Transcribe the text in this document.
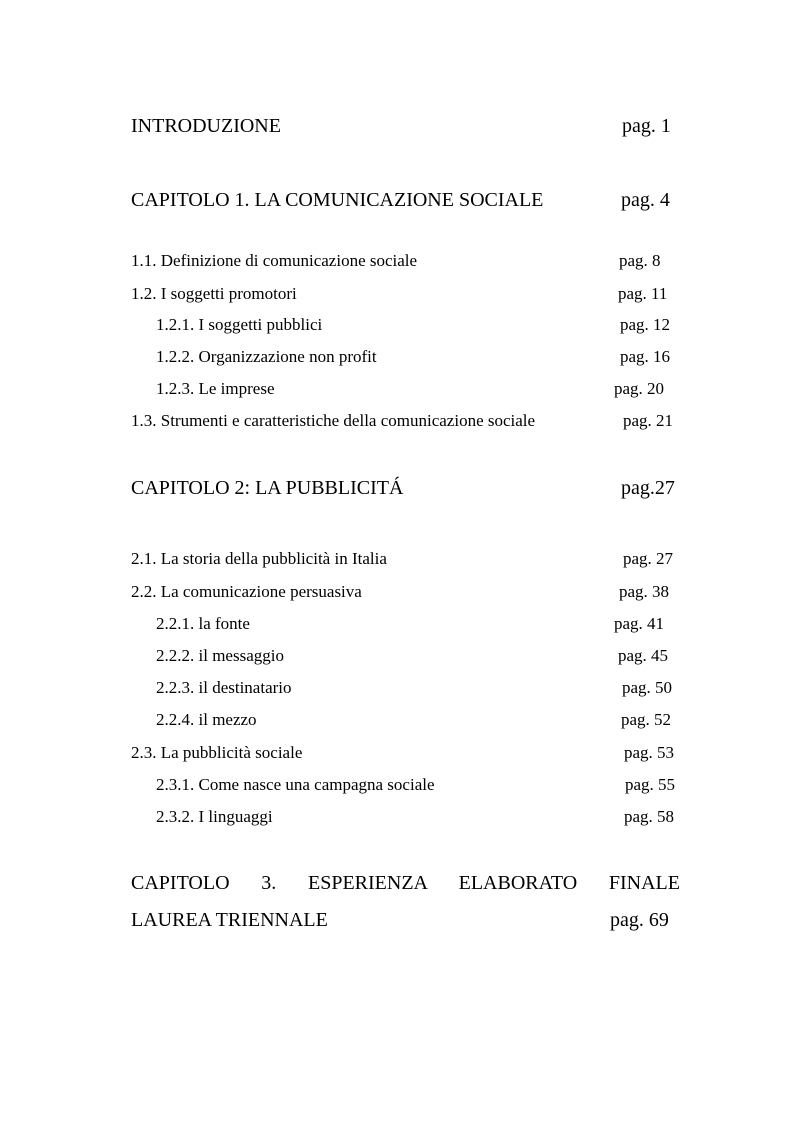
INTRODUZIONE	pag. 1
CAPITOLO 1. LA COMUNICAZIONE SOCIALE	pag. 4
1.1. Definizione di comunicazione sociale	pag. 8
1.2. I soggetti promotori	pag. 11
1.2.1. I soggetti pubblici	pag. 12
1.2.2. Organizzazione non profit	pag. 16
1.2.3. Le imprese	pag. 20
1.3. Strumenti e caratteristiche della comunicazione sociale	pag. 21
CAPITOLO 2: LA PUBBLICITÁ	pag.27
2.1. La storia della pubblicità in Italia	pag. 27
2.2. La comunicazione persuasiva	pag. 38
2.2.1. la fonte	pag. 41
2.2.2. il messaggio	pag. 45
2.2.3. il destinatario	pag. 50
2.2.4. il mezzo	pag. 52
2.3. La pubblicità sociale	pag. 53
2.3.1. Come nasce una campagna sociale	pag. 55
2.3.2. I linguaggi	pag. 58
CAPITOLO 3. ESPERIENZA ELABORATO FINALE
LAUREA TRIENNALE	pag. 69
